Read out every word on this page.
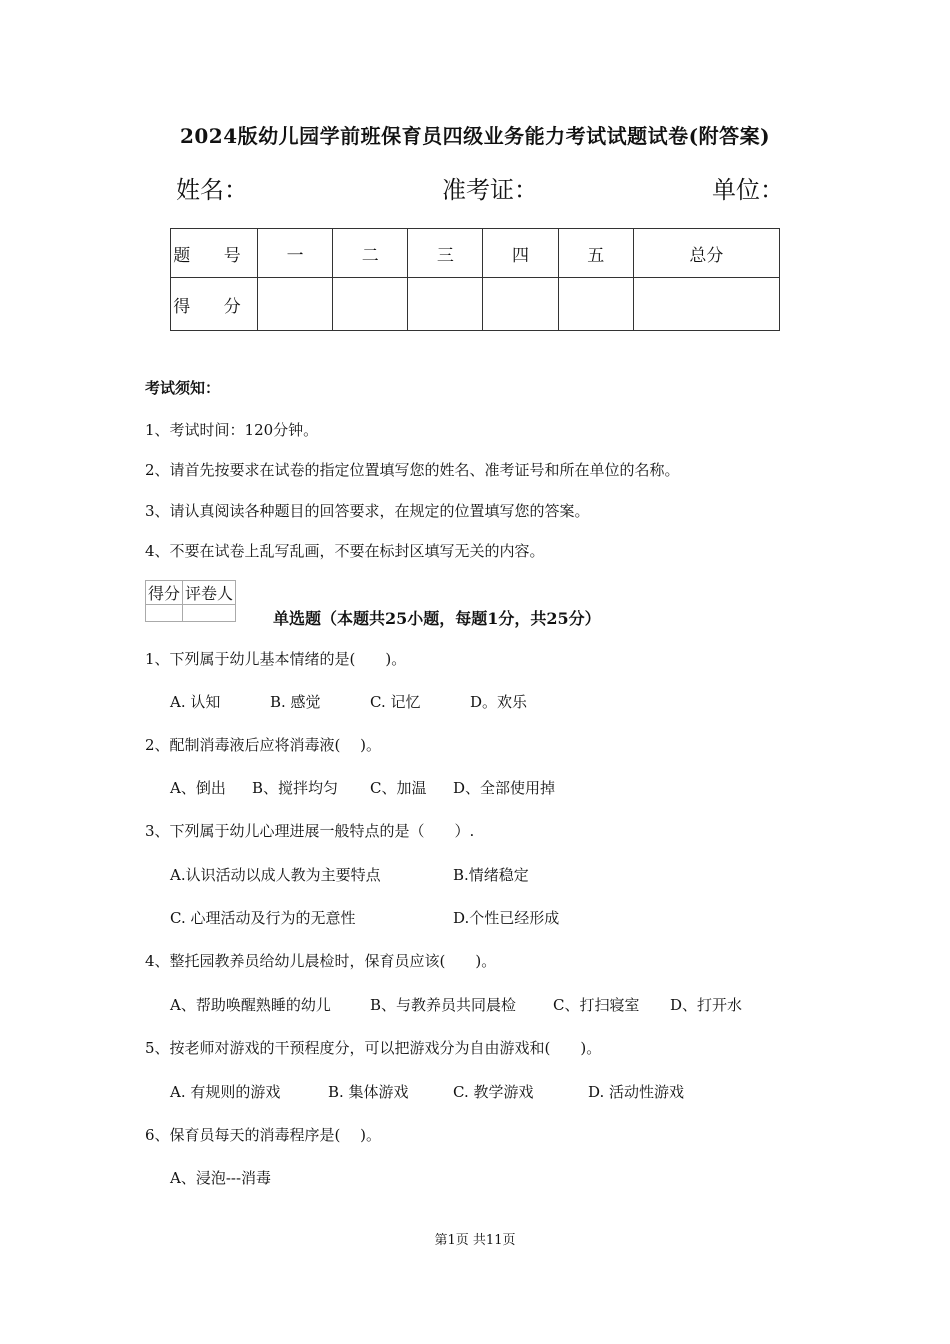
2024版幼儿园学前班保育员四级业务能力考试试题试卷(附答案)
姓名：	准考证：	单位：
题 号	一	二	三	四	五	总分
得 分						
考试须知：
1、考试时间：120分钟。
2、请首先按要求在试卷的指定位置填写您的姓名、准考证号和所在单位的名称。
3、请认真阅读各种题目的回答要求，在规定的位置填写您的答案。
4、不要在试卷上乱写乱画，不要在标封区填写无关的内容。
得分	评卷人

单选题（本题共25小题，每题1分，共25分）
1、下列属于幼儿基本情绪的是(　　)。
A. 认知	B. 感觉	C. 记忆	D。欢乐
2、配制消毒液后应将消毒液(　 )。
A、倒出 B、搅拌均匀 C、加温 D、全部使用掉
3、下列属于幼儿心理进展一般特点的是（　　）.
A.认识活动以成人教为主要特点	B.情绪稳定
C. 心理活动及行为的无意性	D.个性已经形成
4、整托园教养员给幼儿晨检时，保育员应该(　　)。
A、帮助唤醒熟睡的幼儿	B、与教养员共同晨检 C、打扫寝室 D、打开水
5、按老师对游戏的干预程度分，可以把游戏分为自由游戏和(　　)。
A. 有规则的游戏	B. 集体游戏	C. 教学游戏	D. 活动性游戏
6、保育员每天的消毒程序是(　 )。
A、浸泡---消毒
第1页 共11页
